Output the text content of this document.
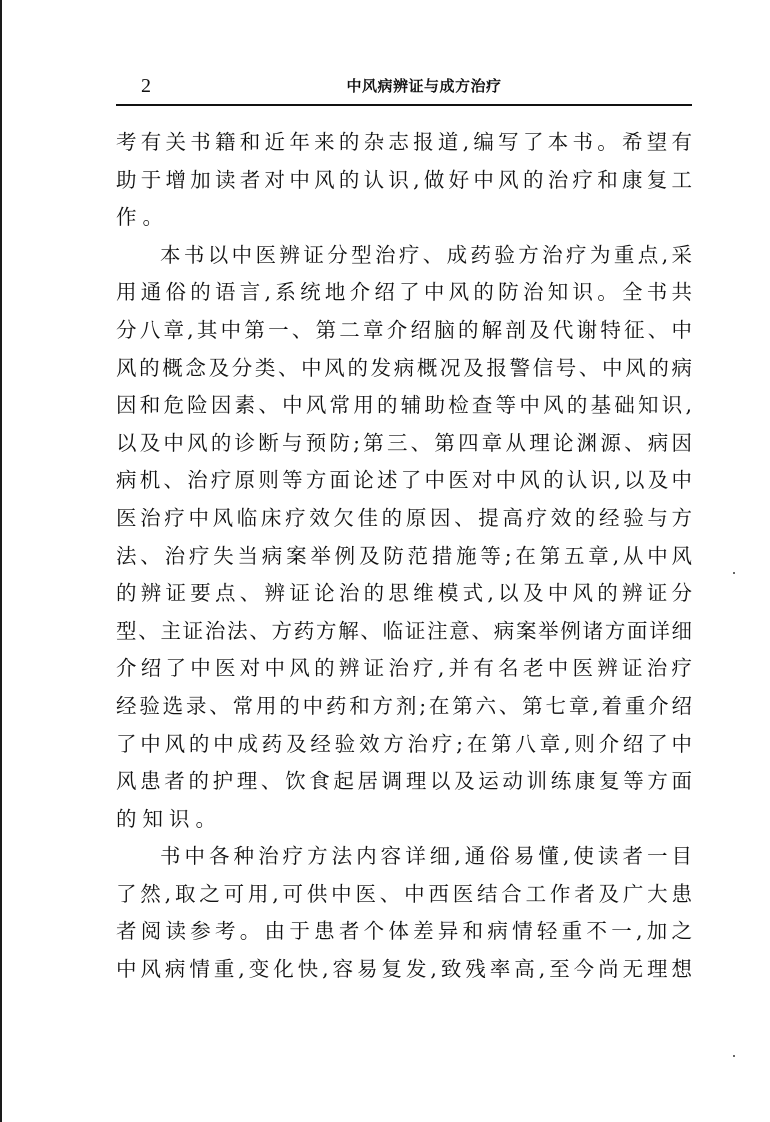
2	中风病辨证与成方治疗
考有关书籍和近年来的杂志报道,编写了本书。希望有
助于增加读者对中风的认识,做好中风的治疗和康复工
作。
本书以中医辨证分型治疗、成药验方治疗为重点,采
用通俗的语言,系统地介绍了中风的防治知识。全书共
分八章,其中第一、第二章介绍脑的解剖及代谢特征、中
风的概念及分类、中风的发病概况及报警信号、中风的病
因和危险因素、中风常用的辅助检查等中风的基础知识,
以及中风的诊断与预防;第三、第四章从理论渊源、病因
病机、治疗原则等方面论述了中医对中风的认识,以及中
医治疗中风临床疗效欠佳的原因、提高疗效的经验与方
法、治疗失当病案举例及防范措施等;在第五章,从中风
的辨证要点、辨证论治的思维模式,以及中风的辨证分
型、主证治法、方药方解、临证注意、病案举例诸方面详细
介绍了中医对中风的辨证治疗,并有名老中医辨证治疗
经验选录、常用的中药和方剂;在第六、第七章,着重介绍
了中风的中成药及经验效方治疗;在第八章,则介绍了中
风患者的护理、饮食起居调理以及运动训练康复等方面
的知识。
书中各种治疗方法内容详细,通俗易懂,使读者一目
了然,取之可用,可供中医、中西医结合工作者及广大患
者阅读参考。由于患者个体差异和病情轻重不一,加之
中风病情重,变化快,容易复发,致残率高,至今尚无理想
